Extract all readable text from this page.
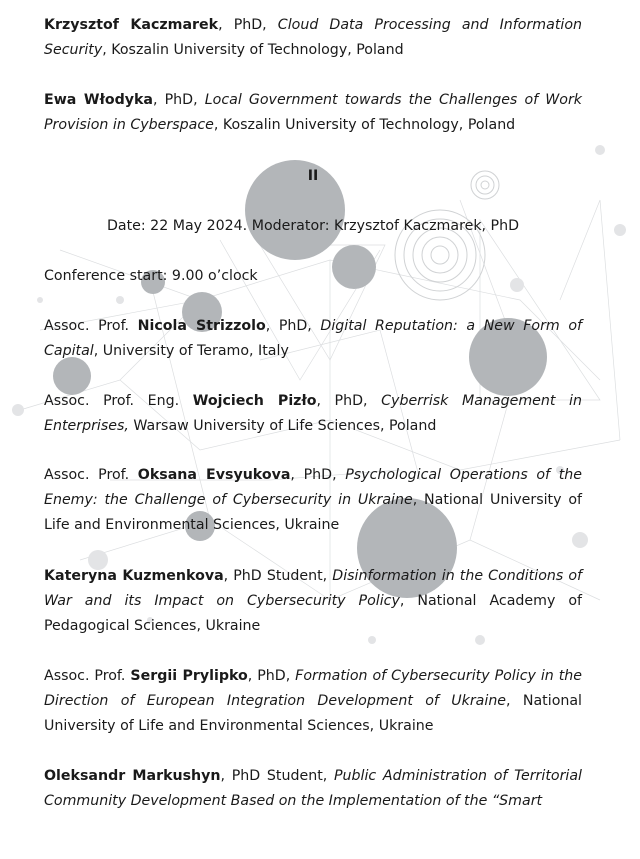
Krzysztof Kaczmarek, PhD, Cloud Data Processing and Information Security, Koszalin University of Technology, Poland

Ewa Włodyka, PhD, Local Government towards the Challenges of Work Provision in Cyberspace, Koszalin University of Technology, Poland

II

Date: 22 May 2024. Moderator: Krzysztof Kaczmarek, PhD

Conference start: 9.00 o’clock

Assoc. Prof. Nicola Strizzolo, PhD, Digital Reputation: a New Form of Capital, University of Teramo, Italy

Assoc. Prof. Eng. Wojciech Pizło, PhD, Cyberrisk Management in Enterprises, Warsaw University of Life Sciences, Poland

Assoc. Prof. Oksana Evsyukova, PhD, Psychological Operations of the Enemy: the Challenge of Cybersecurity in Ukraine, National University of Life and Environmental Sciences, Ukraine

Kateryna Kuzmenkova, PhD Student, Disinformation in the Conditions of War and its Impact on Cybersecurity Policy, National Academy of Pedagogical Sciences, Ukraine

Assoc. Prof. Sergii Prylipko, PhD, Formation of Cybersecurity Policy in the Direction of European Integration Development of Ukraine, National University of Life and Environmental Sciences, Ukraine

Oleksandr Markushyn, PhD Student, Public Administration of Territorial Community Development Based on the Implementation of the “Smart
